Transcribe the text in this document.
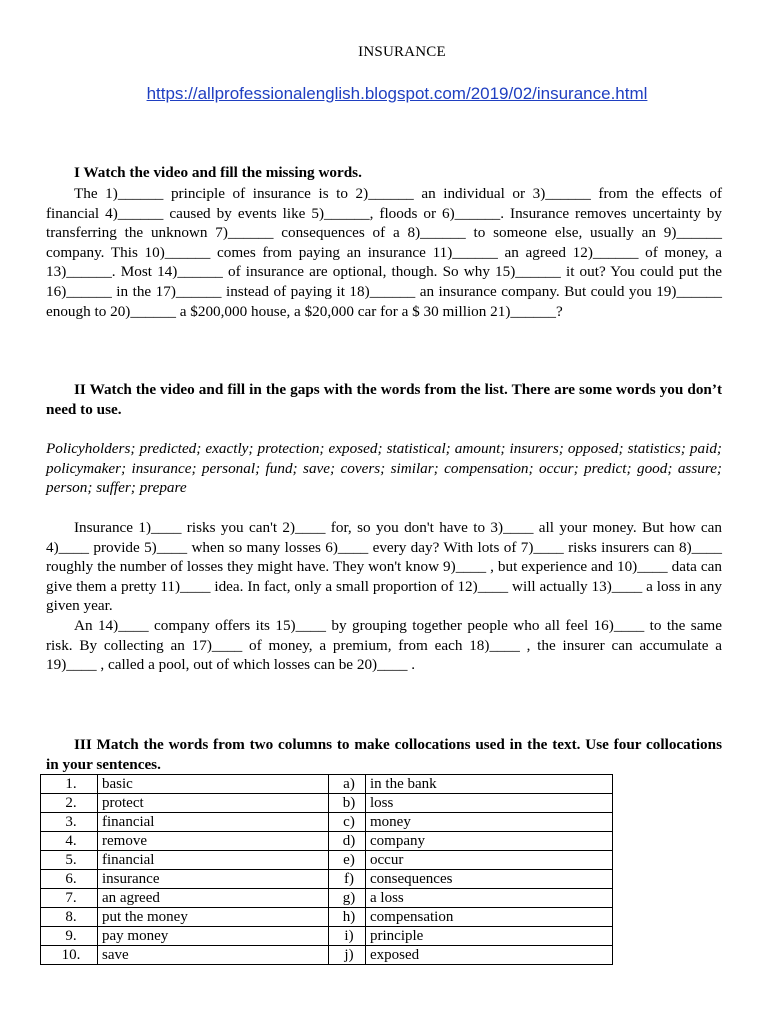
INSURANCE
https://allprofessionalenglish.blogspot.com/2019/02/insurance.html
I Watch the video and fill the missing words.
The 1)______ principle of insurance is to 2)______ an individual or 3)______ from the effects of financial 4)______ caused by events like 5)______, floods or 6)______. Insurance removes uncertainty by transferring the unknown 7)______ consequences of a 8)______ to someone else, usually an 9)______ company. This 10)______ comes from paying an insurance 11)______ an agreed 12)______ of money, a 13)______. Most 14)______ of insurance are optional, though. So why 15)______ it out? You could put the 16)______ in the 17)______ instead of paying it 18)______ an insurance company. But could you 19)______ enough to 20)______ a $200,000 house, a $20,000 car for a $ 30 million 21)______?
II Watch the video and fill in the gaps with the words from the list. There are some words you don’t need to use.
Policyholders; predicted; exactly; protection; exposed; statistical; amount; insurers; opposed; statistics; paid; policymaker; insurance; personal; fund; save; covers; similar; compensation; occur; predict; good; assure; person; suffer; prepare
Insurance 1)____ risks you can't 2)____ for, so you don't have to 3)____ all your money. But how can 4)____ provide 5)____ when so many losses 6)____ every day? With lots of 7)____ risks insurers can 8)____ roughly the number of losses they might have. They won't know 9)____ , but experience and 10)____ data can give them a pretty 11)____ idea. In fact, only a small proportion of 12)____ will actually 13)____ a loss in any given year.
An 14)____ company offers its 15)____ by grouping together people who all feel 16)____ to the same risk. By collecting an 17)____ of money, a premium, from each 18)____ , the insurer can accumulate a 19)____ , called a pool, out of which losses can be 20)____ .
III Match the words from two columns to make collocations used in the text. Use four collocations in your sentences.
1.	basic	a)	in the bank
2.	protect	b)	loss
3.	financial	c)	money
4.	remove	d)	company
5.	financial	e)	occur
6.	insurance	f)	consequences
7.	an agreed	g)	a loss
8.	put the money	h)	compensation
9.	pay money	i)	principle
10.	save	j)	exposed
